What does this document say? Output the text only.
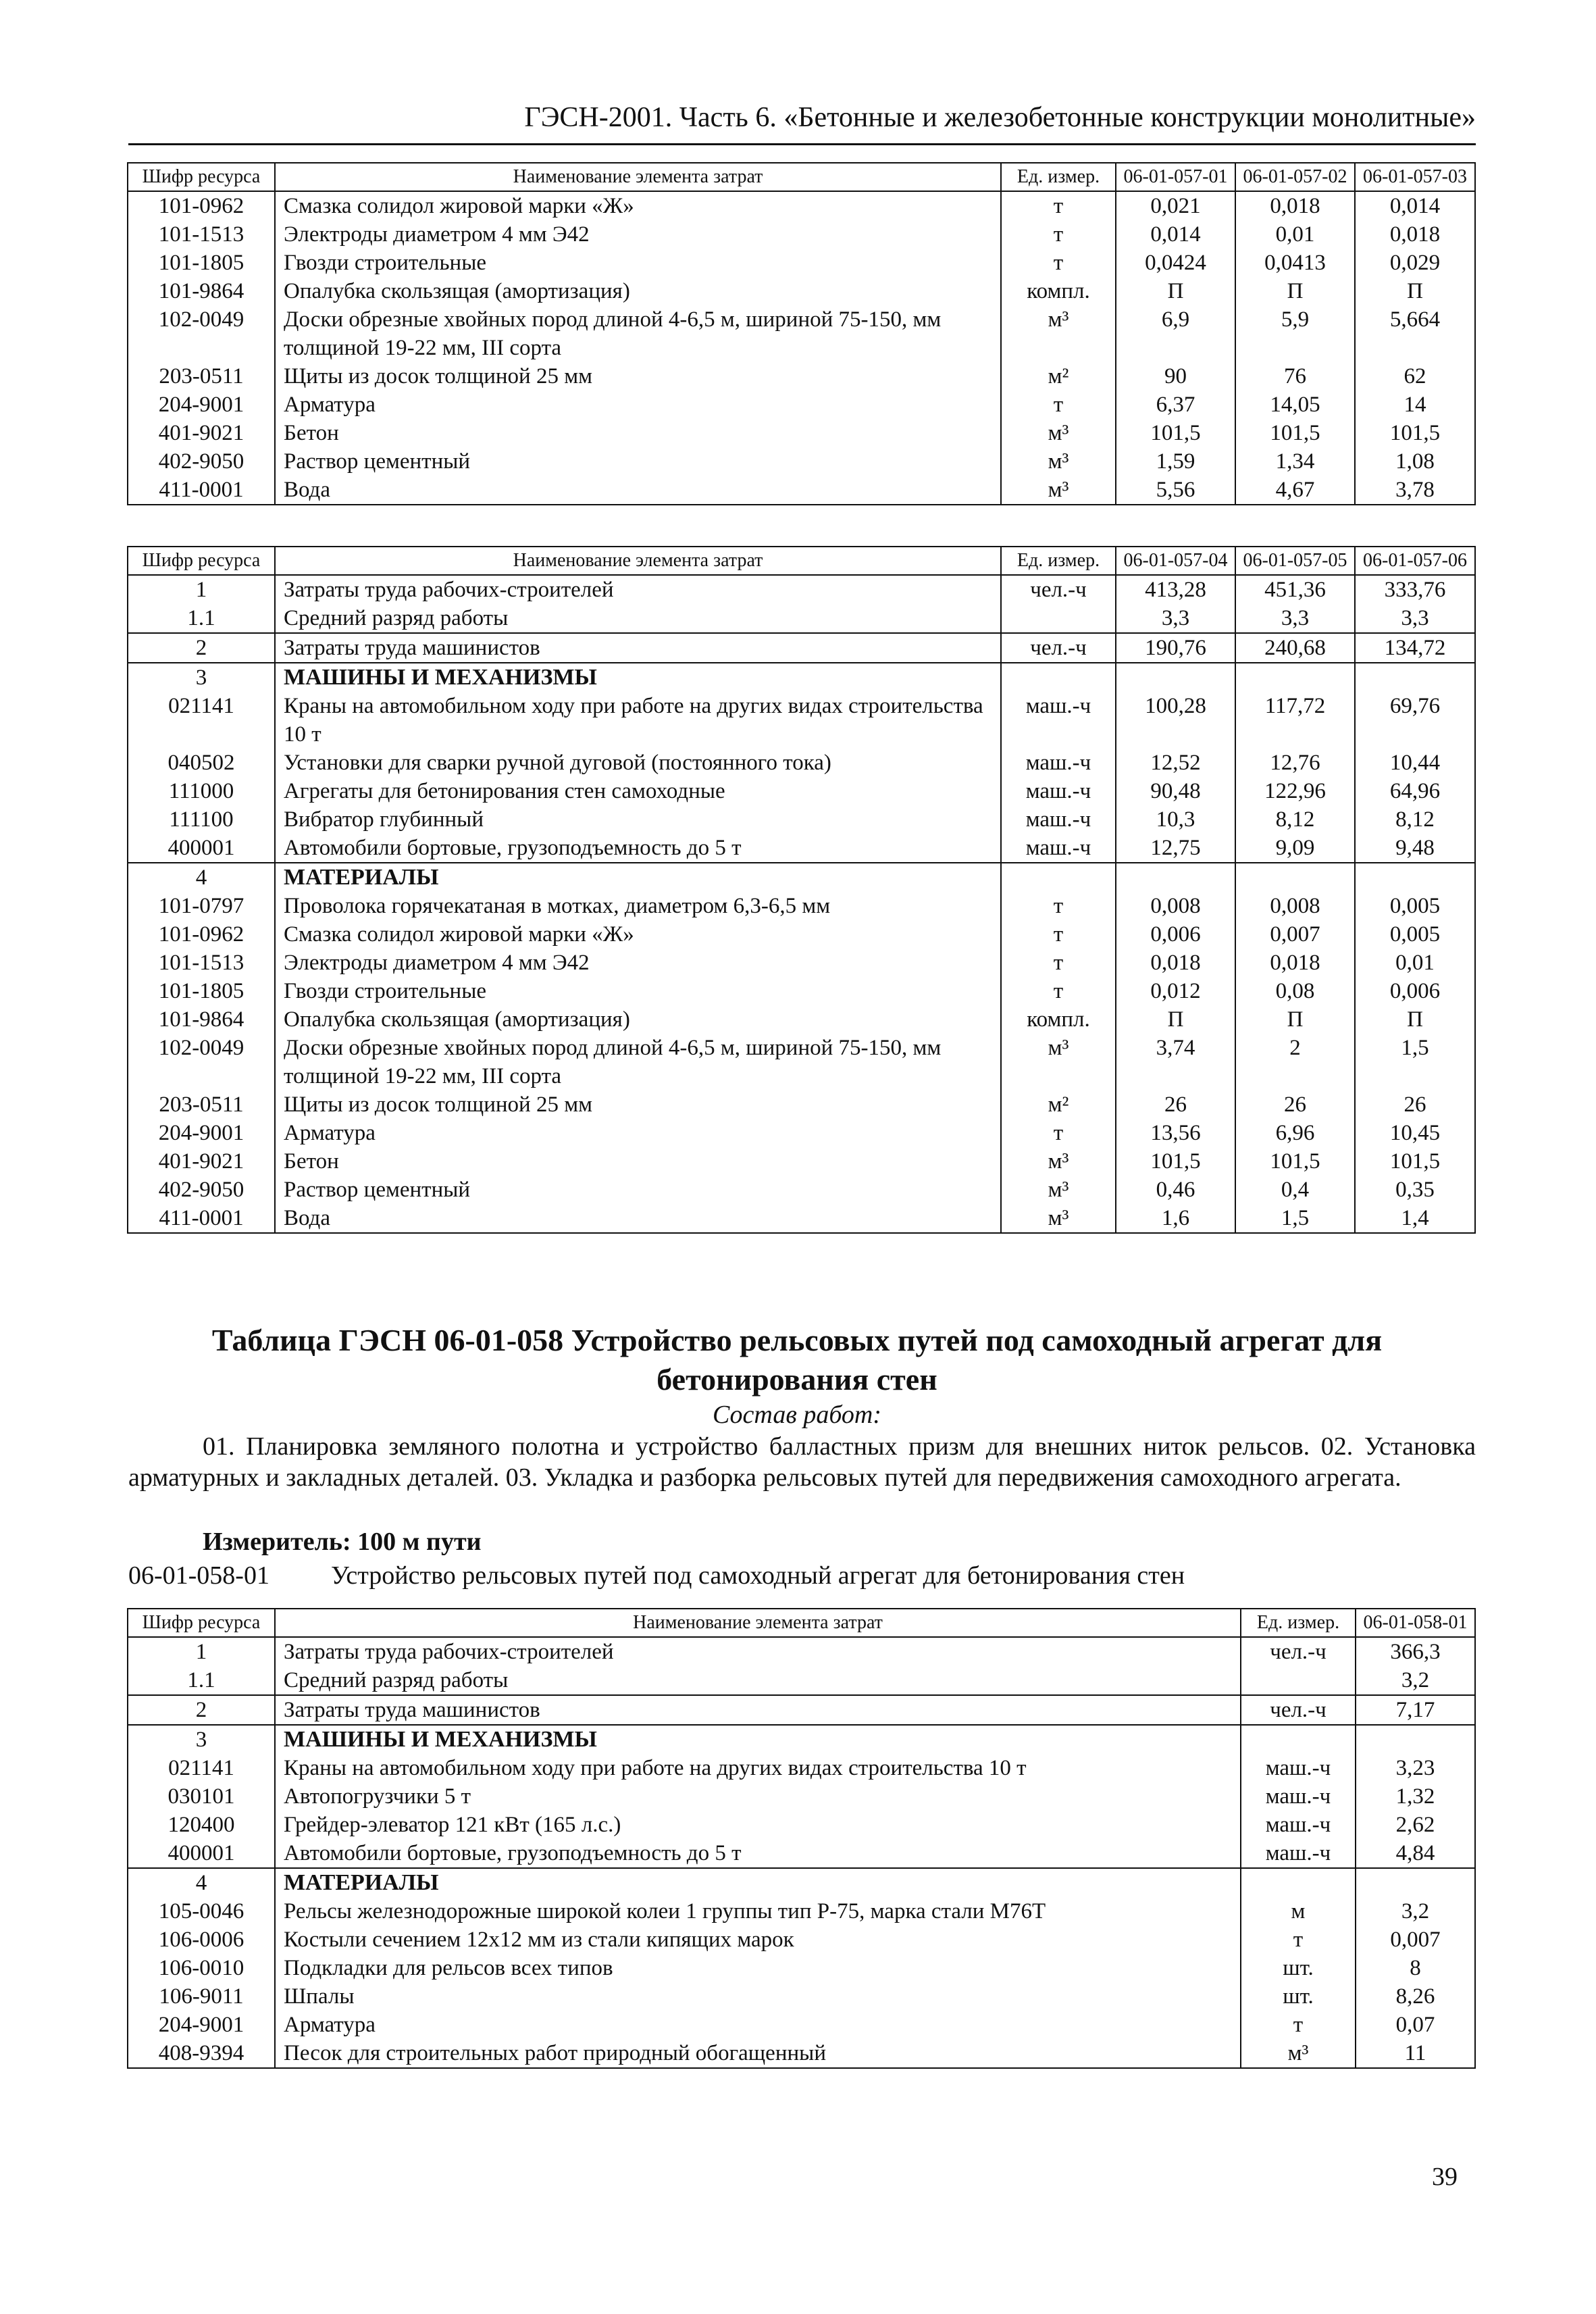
ГЭСН-2001. Часть 6. «Бетонные и железобетонные конструкции монолитные»
Шифр ресурса	Наименование элемента затрат	Ед. измер.	06-01-057-01	06-01-057-02	06-01-057-03
101-0962	Смазка солидол жировой марки «Ж»	т	0,021	0,018	0,014
101-1513	Электроды диаметром 4 мм Э42	т	0,014	0,01	0,018
101-1805	Гвозди строительные	т	0,0424	0,0413	0,029
101-9864	Опалубка скользящая (амортизация)	компл.	П	П	П
102-0049	Доски обрезные хвойных пород длиной 4-6,5 м, шириной 75-150, мм толщиной 19-22 мм, III сорта	м³	6,9	5,9	5,664
203-0511	Щиты из досок толщиной 25 мм	м²	90	76	62
204-9001	Арматура	т	6,37	14,05	14
401-9021	Бетон	м³	101,5	101,5	101,5
402-9050	Раствор цементный	м³	1,59	1,34	1,08
411-0001	Вода	м³	5,56	4,67	3,78
Шифр ресурса	Наименование элемента затрат	Ед. измер.	06-01-057-04	06-01-057-05	06-01-057-06
1	Затраты труда рабочих-строителей	чел.-ч	413,28	451,36	333,76
1.1	Средний разряд работы		3,3	3,3	3,3
2	Затраты труда машинистов	чел.-ч	190,76	240,68	134,72
3	МАШИНЫ И МЕХАНИЗМЫ				
021141	Краны на автомобильном ходу при работе на других видах строительства 10 т	маш.-ч	100,28	117,72	69,76
040502	Установки для сварки ручной дуговой (постоянного тока)	маш.-ч	12,52	12,76	10,44
111000	Агрегаты для бетонирования стен самоходные	маш.-ч	90,48	122,96	64,96
111100	Вибратор глубинный	маш.-ч	10,3	8,12	8,12
400001	Автомобили бортовые, грузоподъемность до 5 т	маш.-ч	12,75	9,09	9,48
4	МАТЕРИАЛЫ				
101-0797	Проволока горячекатаная в мотках, диаметром 6,3-6,5 мм	т	0,008	0,008	0,005
101-0962	Смазка солидол жировой марки «Ж»	т	0,006	0,007	0,005
101-1513	Электроды диаметром 4 мм Э42	т	0,018	0,018	0,01
101-1805	Гвозди строительные	т	0,012	0,08	0,006
101-9864	Опалубка скользящая (амортизация)	компл.	П	П	П
102-0049	Доски обрезные хвойных пород длиной 4-6,5 м, шириной 75-150, мм толщиной 19-22 мм, III сорта	м³	3,74	2	1,5
203-0511	Щиты из досок толщиной 25 мм	м²	26	26	26
204-9001	Арматура	т	13,56	6,96	10,45
401-9021	Бетон	м³	101,5	101,5	101,5
402-9050	Раствор цементный	м³	0,46	0,4	0,35
411-0001	Вода	м³	1,6	1,5	1,4
Таблица ГЭСН 06-01-058 Устройство рельсовых путей под самоходный агрегат для бетонирования стен
Состав работ:
01. Планировка земляного полотна и устройство балластных призм для внешних ниток рельсов. 02. Установка арматурных и закладных деталей. 03. Укладка и разборка рельсовых путей для передвижения самоходного агрегата.
Измеритель: 100 м пути
06-01-058-01 Устройство рельсовых путей под самоходный агрегат для бетонирования стен
Шифр ресурса	Наименование элемента затрат	Ед. измер.	06-01-058-01
1	Затраты труда рабочих-строителей	чел.-ч	366,3
1.1	Средний разряд работы		3,2
2	Затраты труда машинистов	чел.-ч	7,17
3	МАШИНЫ И МЕХАНИЗМЫ		
021141	Краны на автомобильном ходу при работе на других видах строительства 10 т	маш.-ч	3,23
030101	Автопогрузчики 5 т	маш.-ч	1,32
120400	Грейдер-элеватор 121 кВт (165 л.с.)	маш.-ч	2,62
400001	Автомобили бортовые, грузоподъемность до 5 т	маш.-ч	4,84
4	МАТЕРИАЛЫ		
105-0046	Рельсы железнодорожные широкой колеи 1 группы тип Р-75, марка стали М76Т	м	3,2
106-0006	Костыли сечением 12х12 мм из стали кипящих марок	т	0,007
106-0010	Подкладки для рельсов всех типов	шт.	8
106-9011	Шпалы	шт.	8,26
204-9001	Арматура	т	0,07
408-9394	Песок для строительных работ природный обогащенный	м³	11
39
